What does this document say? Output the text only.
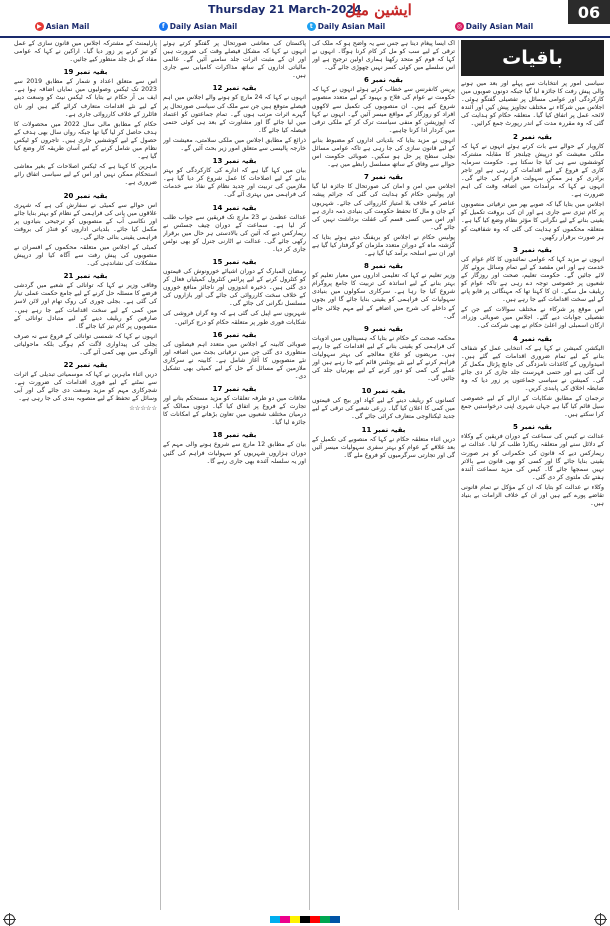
Thursday 21 March-2024
ایشین میل	06
▶ Asian Mail	f Daily Asian Mail	t Daily Asian Mail	◎ Daily Asian Mail
باقیات

سیاسی امور پر انتخابات سے پہلے اور بعد میں ہونے والی پیش رفت کا جائزہ لیا گیا جبکہ دونوں صوبوں میں کارکردگی اور عوامی مسائل پر تفصیلی گفتگو ہوئی۔ اجلاس میں شرکاء نے مختلف تجاویز پیش کیں اور آئندہ لائحہ عمل پر اتفاق کیا گیا۔ متعلقہ حکام کو ہدایت کی گئی کہ وہ مقررہ مدت کے اندر رپورٹ جمع کرائیں۔

بقیہ نمبر 2

کاروبار کے حوالے سے بات کرتے ہوئے انہوں نے کہا کہ ملکی معیشت کو درپیش چیلنجز کا مقابلہ مشترکہ کوششوں سے ہی کیا جا سکتا ہے۔ حکومت سرمایہ کاری کے فروغ کے لیے اقدامات کر رہی ہے اور تاجر برادری کو ہر ممکن سہولت فراہم کی جائے گی۔ انہوں نے کہا کہ برآمدات میں اضافہ وقت کی اہم ضرورت ہے۔

اجلاس میں بتایا گیا کہ صوبے بھر میں ترقیاتی منصوبوں پر کام تیزی سے جاری ہے اور ان کی بروقت تکمیل کو یقینی بنانے کے لیے نگرانی کا مؤثر نظام وضع کیا گیا ہے۔ متعلقہ محکموں کو ہدایت کی گئی کہ وہ شفافیت کو ہر صورت برقرار رکھیں۔

بقیہ نمبر 3

انہوں نے مزید کہا کہ عوامی نمائندوں کا کام عوام کی خدمت ہے اور اس مقصد کے لیے تمام وسائل بروئے کار لائے جائیں گے۔ حکومت تعلیم، صحت اور روزگار کے شعبوں پر خصوصی توجہ دے رہی ہے تاکہ عوام کو ریلیف مل سکے۔ ان کا کہنا تھا کہ مہنگائی پر قابو پانے کے لیے سخت اقدامات کیے جا رہے ہیں۔

اس موقع پر شرکاء نے مختلف سوالات کیے جن کے تفصیلی جوابات دیے گئے۔ اجلاس میں صوبائی وزراء، ارکان اسمبلی اور اعلیٰ حکام نے بھی شرکت کی۔

بقیہ نمبر 4

الیکشن کمیشن نے کہا ہے کہ انتخابی عمل کو شفاف بنانے کے لیے تمام ضروری اقدامات کیے گئے ہیں۔ امیدواروں کے کاغذات نامزدگی کی جانچ پڑتال مکمل کر لی گئی ہے اور حتمی فہرست جلد جاری کر دی جائے گی۔ کمیشن نے سیاسی جماعتوں پر زور دیا کہ وہ ضابطہ اخلاق کی پابندی کریں۔

ترجمان کے مطابق شکایات کے ازالے کے لیے خصوصی سیل قائم کیا گیا ہے جہاں شہری اپنی درخواستیں جمع کرا سکتے ہیں۔

بقیہ نمبر 5

عدالت نے کیس کی سماعت کے دوران فریقین کے وکلاء کے دلائل سنے اور متعلقہ ریکارڈ طلب کر لیا۔ عدالت نے ریمارکس دیے کہ قانون کی حکمرانی کو ہر صورت یقینی بنایا جائے گا اور کسی کو بھی قانون سے بالاتر نہیں سمجھا جائے گا۔ کیس کی مزید سماعت آئندہ ہفتے تک ملتوی کر دی گئی۔

وکلاء نے عدالت کو بتایا کہ ان کے مؤکل نے تمام قانونی تقاضے پورے کیے ہیں اور ان کے خلاف الزامات بے بنیاد ہیں۔

اک ایسا پیغام دینا ہے جس سے یہ واضح ہو کہ ملک کی ترقی کے لیے سب کو مل کر کام کرنا ہوگا۔ انہوں نے کہا کہ قوم کو متحد رکھنا ہماری اولین ترجیح ہے اور اس سلسلے میں کوئی کسر نہیں چھوڑی جائے گی۔

بقیہ نمبر 6

پریس کانفرنس سے خطاب کرتے ہوئے انہوں نے کہا کہ حکومت نے عوام کی فلاح و بہبود کے لیے متعدد منصوبے شروع کیے ہیں۔ ان منصوبوں کی تکمیل سے لاکھوں افراد کو روزگار کے مواقع میسر آئیں گے۔ انہوں نے کہا کہ اپوزیشن کو منفی سیاست ترک کر کے ملکی ترقی میں کردار ادا کرنا چاہیے۔

انہوں نے مزید بتایا کہ بلدیاتی اداروں کو مضبوط بنانے کے لیے قانون سازی کی جا رہی ہے تاکہ عوامی مسائل نچلی سطح پر حل ہو سکیں۔ صوبائی حکومت اس حوالے سے وفاق کے ساتھ مسلسل رابطے میں ہے۔

بقیہ نمبر 7

اجلاس میں امن و امان کی صورتحال کا جائزہ لیا گیا اور پولیس حکام کو ہدایت کی گئی کہ جرائم پیشہ عناصر کے خلاف بلا امتیاز کارروائی کی جائے۔ شہریوں کے جان و مال کا تحفظ حکومت کی بنیادی ذمہ داری ہے اور اس میں کسی قسم کی غفلت برداشت نہیں کی جائے گی۔

پولیس حکام نے اجلاس کو بریفنگ دیتے ہوئے بتایا کہ گزشتہ ماہ کے دوران متعدد ملزمان کو گرفتار کیا گیا ہے اور ان سے اسلحہ برآمد کیا گیا ہے۔

بقیہ نمبر 8

وزیر تعلیم نے کہا کہ تعلیمی اداروں میں معیار تعلیم کو بہتر بنانے کے لیے اساتذہ کی تربیت کا جامع پروگرام شروع کیا جا رہا ہے۔ سرکاری سکولوں میں بنیادی سہولیات کی فراہمی کو یقینی بنایا جائے گا اور بچوں کے داخلے کی شرح میں اضافے کے لیے مہم چلائی جائے گی۔

بقیہ نمبر 9

محکمہ صحت کے حکام نے بتایا کہ ہسپتالوں میں ادویات کی فراہمی کو یقینی بنانے کے لیے اقدامات کیے جا رہے ہیں۔ مریضوں کو علاج معالجے کی بہتر سہولیات فراہم کرنے کے لیے نئے یونٹس قائم کیے جا رہے ہیں اور عملے کی کمی کو دور کرنے کے لیے بھرتیاں جلد کی جائیں گی۔

بقیہ نمبر 10

کسانوں کو ریلیف دینے کے لیے کھاد اور بیج کی قیمتوں میں کمی کا اعلان کیا گیا۔ زرعی شعبے کی ترقی کے لیے جدید ٹیکنالوجی متعارف کرائی جائے گی۔

بقیہ نمبر 11

دریں اثناء متعلقہ حکام نے کہا کہ منصوبے کی تکمیل کے بعد علاقے کے عوام کو بہتر سفری سہولیات میسر آئیں گی اور تجارتی سرگرمیوں کو فروغ ملے گا۔

پاکستان کی معاشی صورتحال پر گفتگو کرتے ہوئے انہوں نے کہا کہ مشکل فیصلے وقت کی ضرورت ہیں اور ان کے مثبت اثرات جلد سامنے آئیں گے۔ عالمی مالیاتی اداروں کے ساتھ مذاکرات کامیابی سے جاری ہیں۔

بقیہ نمبر 12

انہوں نے کہا کہ 24 مارچ کو ہونے والے اجلاس میں اہم فیصلے متوقع ہیں جن سے ملک کی سیاسی صورتحال پر گہرے اثرات مرتب ہوں گے۔ تمام جماعتوں کو اعتماد میں لیا جائے گا اور مشاورت کے بعد ہی کوئی حتمی فیصلہ کیا جائے گا۔

ذرائع کے مطابق اجلاس میں ملکی سلامتی، معیشت اور خارجہ پالیسی سے متعلق امور زیر بحث آئیں گے۔

بقیہ نمبر 13

بیان میں کہا گیا ہے کہ ادارے کی کارکردگی کو بہتر بنانے کے لیے اصلاحات کا عمل شروع کر دیا گیا ہے۔ ملازمین کی تربیت اور جدید نظام کے نفاذ سے خدمات کی فراہمی میں بہتری آئے گی۔

بقیہ نمبر 14

عدالت عظمیٰ نے 23 مارچ تک فریقین سے جواب طلب کر لیا ہے۔ سماعت کے دوران چیف جسٹس نے ریمارکس دیے کہ آئین کی بالادستی ہر حال میں برقرار رکھی جائے گی۔ عدالت نے اٹارنی جنرل کو بھی نوٹس جاری کر دیا۔

بقیہ نمبر 15

رمضان المبارک کے دوران اشیائے خورونوش کی قیمتوں کو کنٹرول کرنے کے لیے پرائس کنٹرول کمیٹیاں فعال کر دی گئی ہیں۔ ذخیرہ اندوزوں اور ناجائز منافع خوروں کے خلاف سخت کارروائی کی جائے گی اور بازاروں کی مسلسل نگرانی کی جائے گی۔

شہریوں سے اپیل کی گئی ہے کہ وہ گراں فروشی کی شکایات فوری طور پر متعلقہ حکام کو درج کرائیں۔

بقیہ نمبر 16

صوبائی کابینہ کے اجلاس میں متعدد اہم فیصلوں کی منظوری دی گئی جن میں ترقیاتی بجٹ میں اضافہ اور نئے منصوبوں کا آغاز شامل ہے۔ کابینہ نے سرکاری ملازمین کے مسائل کے حل کے لیے کمیٹی بھی تشکیل دی۔

بقیہ نمبر 17

ملاقات میں دو طرفہ تعلقات کو مزید مستحکم بنانے اور تجارت کے فروغ پر اتفاق کیا گیا۔ دونوں ممالک کے درمیان مختلف شعبوں میں تعاون بڑھانے کے امکانات کا جائزہ لیا گیا۔

بقیہ نمبر 18

بیان کے مطابق 12 مارچ سے شروع ہونے والی مہم کے دوران ہزاروں شہریوں کو سہولیات فراہم کی گئیں اور یہ سلسلہ آئندہ بھی جاری رہے گا۔

پارلیمنٹ کے مشترکہ اجلاس میں قانون سازی کے عمل کو تیز کرنے پر زور دیا گیا۔ اراکین نے کہا کہ عوامی مفاد کے بل جلد منظور کیے جائیں۔

بقیہ نمبر 19

اس سے متعلق اعداد و شمار کے مطابق 2019 سے 2023 تک ٹیکس وصولیوں میں نمایاں اضافہ ہوا ہے۔ ایف بی آر حکام نے بتایا کہ ٹیکس نیٹ کو وسعت دینے کے لیے نئے اقدامات متعارف کرائے گئے ہیں اور نان فائلرز کے خلاف کارروائی جاری ہے۔

حکام کے مطابق مالی سال 2022 میں محصولات کا ہدف حاصل کر لیا گیا تھا جبکہ رواں سال بھی ہدف کے حصول کے لیے کوششیں جاری ہیں۔ تاجروں کو ٹیکس نظام میں شامل کرنے کے لیے آسان طریقہ کار وضع کیا گیا ہے۔

ماہرین کا کہنا ہے کہ ٹیکس اصلاحات کے بغیر معاشی استحکام ممکن نہیں اور اس کے لیے سیاسی اتفاق رائے ضروری ہے۔

بقیہ نمبر 20

اس حوالے سے کمیٹی نے سفارش کی ہے کہ شہری علاقوں میں پانی کی فراہمی کے نظام کو بہتر بنایا جائے اور نکاسی آب کے منصوبوں کو ترجیحی بنیادوں پر مکمل کیا جائے۔ بلدیاتی اداروں کو فنڈز کی بروقت فراہمی یقینی بنائی جائے گی۔

کمیٹی کے اجلاس میں متعلقہ محکموں کے افسران نے منصوبوں کی پیش رفت سے آگاہ کیا اور درپیش مشکلات کی نشاندہی کی۔

بقیہ نمبر 21

وفاقی وزیر نے کہا کہ توانائی کے شعبے میں گردشی قرضے کا مسئلہ حل کرنے کے لیے جامع حکمت عملی تیار کی گئی ہے۔ بجلی چوری کی روک تھام اور لائن لاسز میں کمی کے لیے سخت اقدامات کیے جا رہے ہیں۔ صارفین کو ریلیف دینے کے لیے متبادل توانائی کے منصوبوں پر کام تیز کیا جائے گا۔

انہوں نے کہا کہ شمسی توانائی کے فروغ سے نہ صرف بجلی کی پیداواری لاگت کم ہوگی بلکہ ماحولیاتی آلودگی میں بھی کمی آئے گی۔

بقیہ نمبر 22

دریں اثناء ماہرین نے کہا کہ موسمیاتی تبدیلی کے اثرات سے نمٹنے کے لیے فوری اقدامات کی ضرورت ہے۔ شجرکاری مہم کو مزید وسعت دی جائے گی اور آبی وسائل کے تحفظ کے لیے منصوبہ بندی کی جا رہی ہے۔

☆☆☆☆☆
